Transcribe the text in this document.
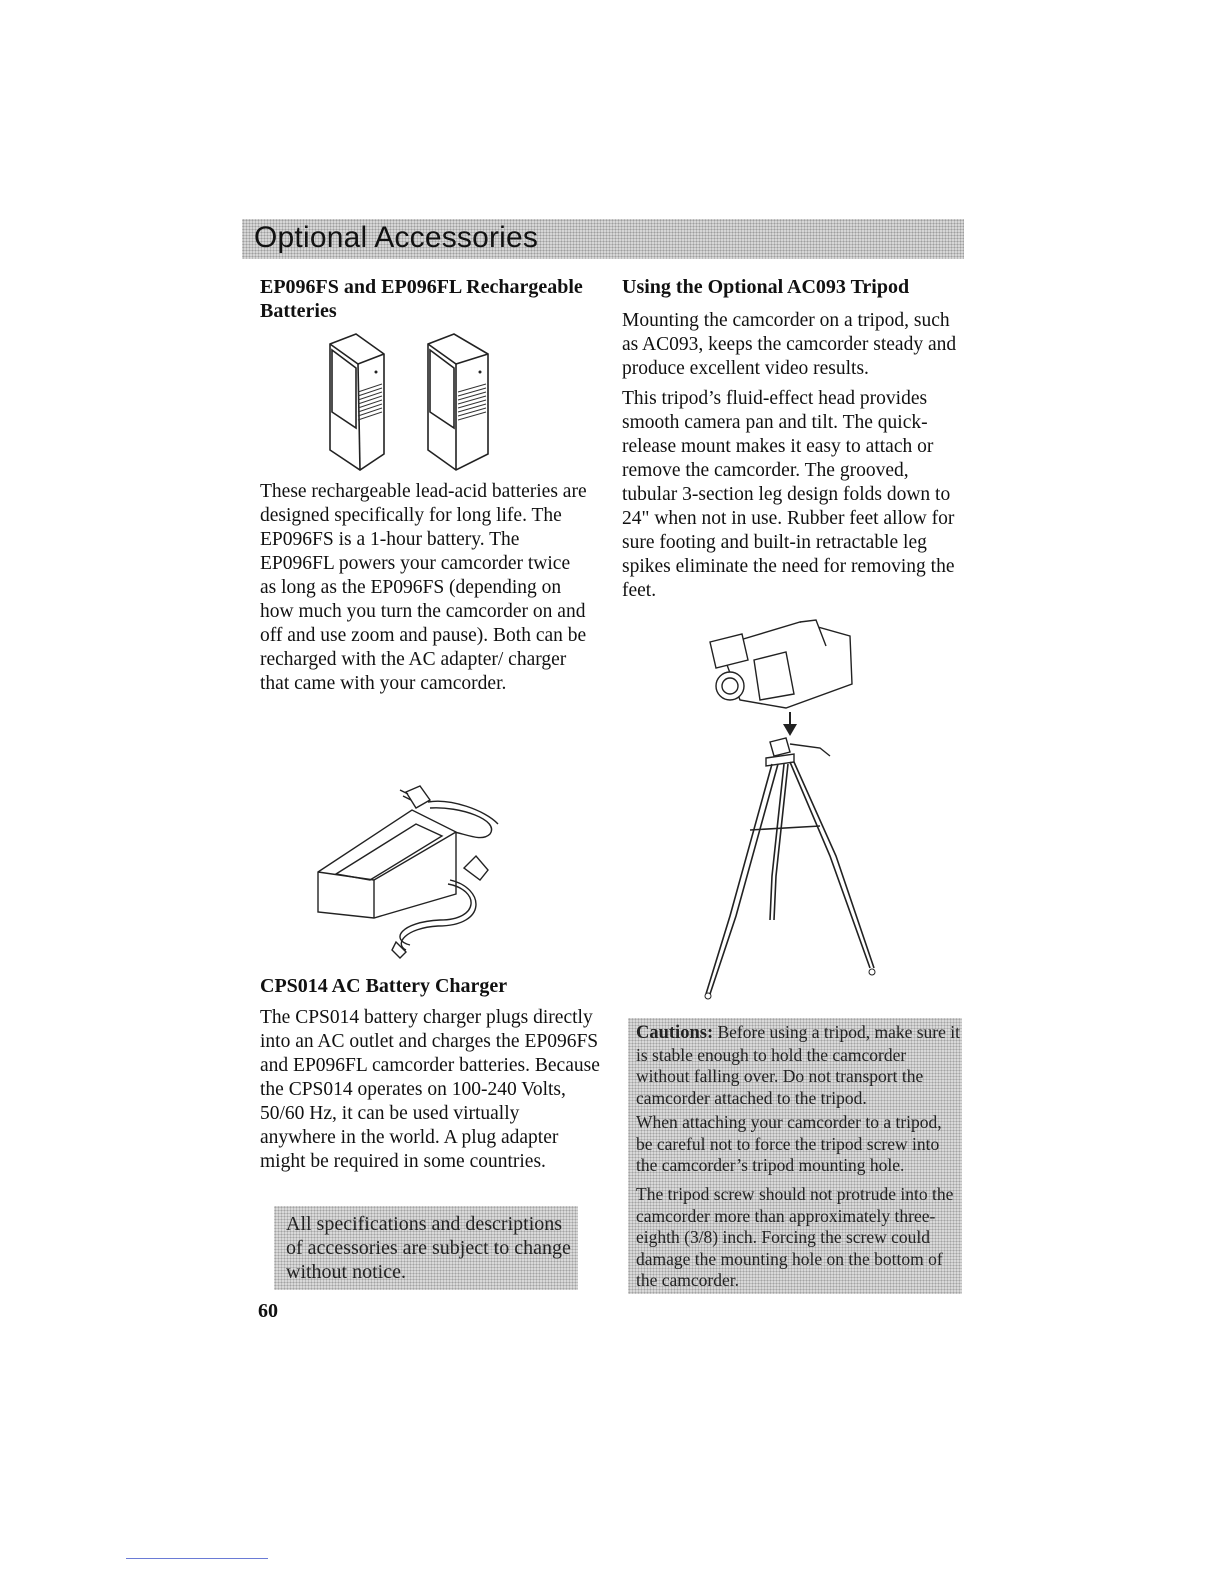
Optional Accessories

EP096FS and EP096FL Rechargeable Batteries

These rechargeable lead-acid batteries are designed specifically for long life. The EP096FS is a 1-hour battery. The EP096FL powers your camcorder twice as long as the EP096FS (depending on how much you turn the camcorder on and off and use zoom and pause). Both can be recharged with the AC adapter/ charger that came with your camcorder.

CPS014 AC Battery Charger

The CPS014 battery charger plugs directly into an AC outlet and charges the EP096FS and EP096FL camcorder batteries. Because the CPS014 operates on 100-240 Volts, 50/60 Hz, it can be used virtually anywhere in the world. A plug adapter might be required in some countries.

All specifications and descriptions of accessories are subject to change without notice.

60

Using the Optional AC093 Tripod

Mounting the camcorder on a tripod, such as AC093, keeps the camcorder steady and produce excellent video results.

This tripod’s fluid-effect head provides smooth camera pan and tilt. The quick-release mount makes it easy to attach or remove the camcorder. The grooved, tubular 3-section leg design folds down to 24" when not in use. Rubber feet allow for sure footing and built-in retractable leg spikes eliminate the need for removing the feet.

Cautions: Before using a tripod, make sure it is stable enough to hold the camcorder without falling over. Do not transport the camcorder attached to the tripod.

When attaching your camcorder to a tripod, be careful not to force the tripod screw into the camcorder’s tripod mounting hole.

The tripod screw should not protrude into the camcorder more than approximately three-eighth (3/8) inch. Forcing the screw could damage the mounting hole on the bottom of the camcorder.
